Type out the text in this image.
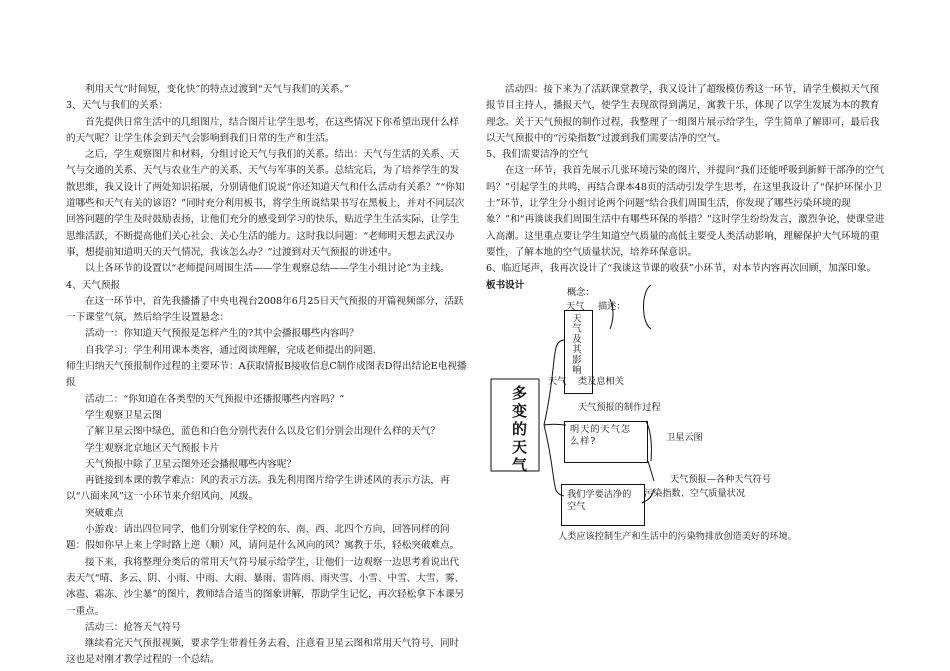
利用天气“时间短，变化快”的特点过渡到“天气与我们的关系。”

3、天气与我们的关系：

首先提供日常生活中的几组图片，结合图片让学生思考，在这些情况下你希望出现什么样的天气呢？让学生体会到天气会影响到我们日常的生产和生活。

之后，学生观察图片和材料，分组讨论天气与我们的关系。结出：天气与生活的关系、天气与交通的关系、天气与农业生产的关系、天气与军事的关系。总结完后，为了培养学生的发散思维，我又设计了两处知识拓展，分别请他们说说“你还知道天气和什么活动有关系？”“你知道哪些和天气有关的谚语？”同时充分利用板书，将学生所说结果书写在黑板上，并对不同层次回答问题的学生及时鼓励表扬，让他们充分的感受到学习的快乐，贴近学生生活实际，让学生思维活跃，不断提高他们关心社会、关心生活的能力。这时我以问题：“老师明天想去武汉办事，想提前知道明天的天气情况，我该怎么办？”过渡到对天气预报的讲述中。

以上各环节的设置以“老师提问周围生活——学生观察总结——学生小组讨论”为主线。

4、天气预报

在这一环节中，首先我播播了中央电视台2008年6月25日天气预报的开篇视频部分，活跃一下课堂气氛，然后给学生设置悬念：

活动一：你知道天气预报是怎样产生的?其中会播报哪些内容吗？

自我学习：学生利用课本类容，通过阅读理解，完成老师提出的问题.

师生归纳天气预报制作过程的主要环节：A获取情报B接收信息C制作成图表D得出结论E电视播报

活动二：“你知道在各类型的天气预报中还播报哪些内容吗？”

学生观察卫星云图

了解卫星云图中绿色，蓝色和白色分别代表什么以及它们分别会出现什么样的天气？

学生观察北京地区天气预报卡片

天气预报中除了卫星云图外还会播报哪些内容呢？

再链接到本课的教学难点：风的表示方法。我先利用图片给学生讲述风的表示方法，再以“八面来风”这一小环节来介绍风向、风级。

突破难点

小游戏：请出四位同学，他们分别家住学校的东、南、西、北四个方向，回答同样的问题：假如你早上来上学时路上逆（顺）风，请问是什么风向的风？寓教于乐，轻松突破难点。

接下来，我将整理分类后的常用天气符号展示给学生，让他们一边观察一边思考着说出代表天气“晴、多云、阴、小雨、中雨、大雨、暴雨、雷阵雨、雨夹雪、小雪、中雪、大雪、雾、冰雹、霜冻、沙尘暴”的图片，教师结合适当的图象讲解，帮助学生记忆，再次轻松拿下本课另一重点。

活动三：抢答天气符号

继续看完天气预报视频，要求学生带着任务去看，注意看卫星云图和常用天气符号，同时这也是对刚才教学过程的一个总结。

活动四：接下来为了活跃课堂教学，我又设计了超级模仿秀这一环节，请学生模拟天气预报节目主持人，播报天气，使学生表现欲得到满足，寓教于乐，体现了以学生发展为本的教育理念。关于天气预报的制作过程，我整理了一组图片展示给学生，学生简单了解即可，最后我以天气预报中的“污染指数”过渡到我们需要洁净的空气。

5、我们需要洁净的空气

在这一环节，我首先展示几张环境污染的图片，并提问“我们还能呼吸到新鲜干部净的空气吗？”引起学生的共鸣，再结合课本48页的活动引发学生思考，在这里我设计了“保护环保小卫士”环节，让学生分小组讨论两个问题“结合我们周围生活，你发现了哪些污染环境的现象？”和“再谈谈我们周围生活中有哪些环保的举措？”这时学生纷纷发言，激烈争论，使课堂进入高潮。这里重点要让学生知道空气质量的高低主要受人类活动影响，理解保护大气环境的重要性，了解本地的空气质量状况，培养环保意识。

6、临近尾声，我再次设计了“我谈这节课的收获”小环节，对本节内容再次回顾，加深印象。

板书设计

概念：
天气 描述：
天气及其影响
天气 类及息相关
多变的天气	天气预报的制作过程
明天的天气怎么样?	卫星云图
天气预报—各种天气符号
我们学要洁净的空气
污染指数、空气质量状况
人类应该控制生产和生活中的污染物排放创造美好的环境。
